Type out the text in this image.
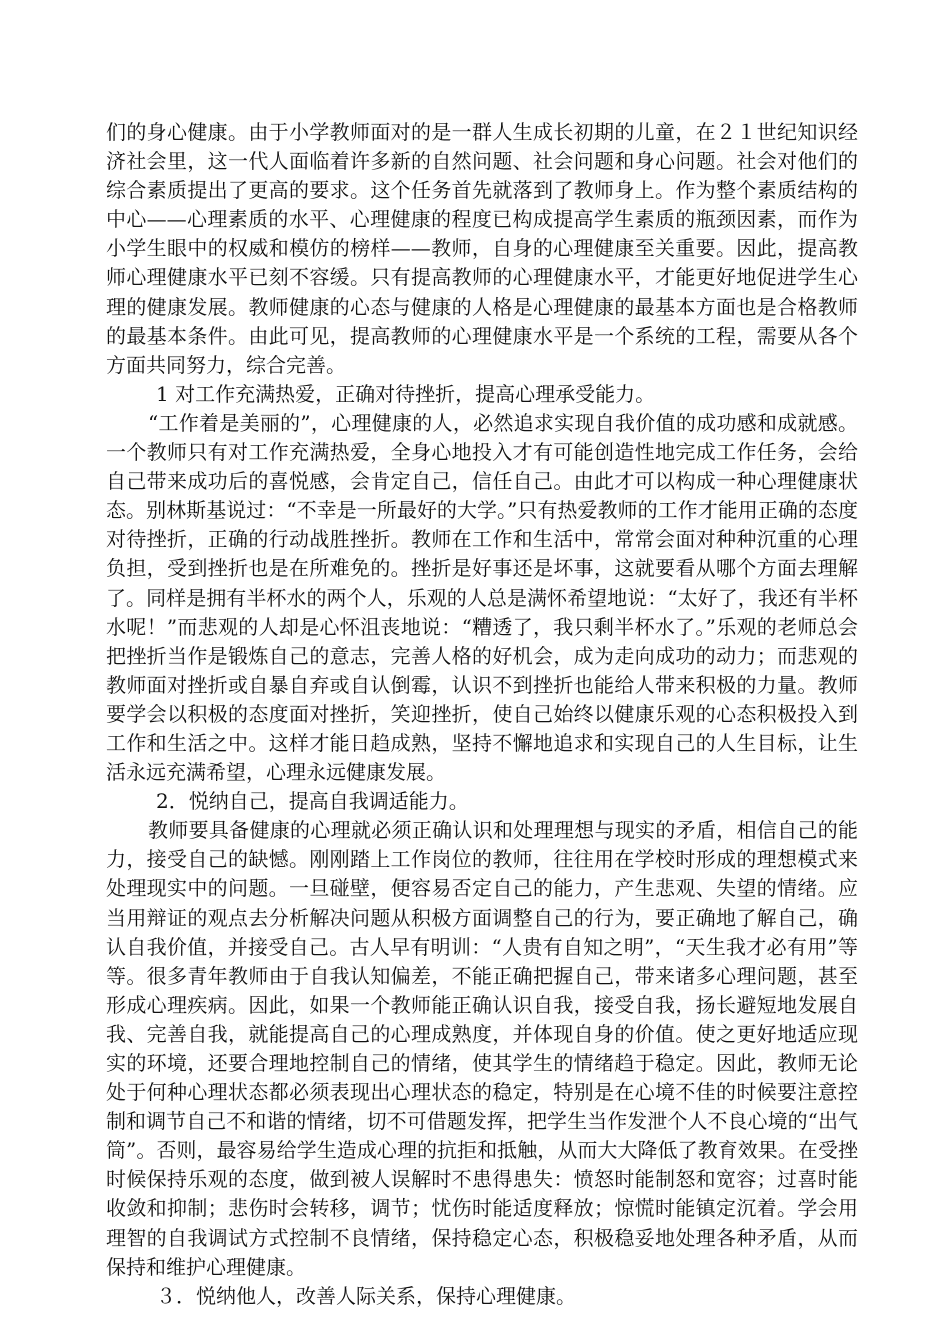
们的身心健康。由于小学教师面对的是一群人生成长初期的儿童，在２１世纪知识经济社会里，这一代人面临着许多新的自然问题、社会问题和身心问题。社会对他们的综合素质提出了更高的要求。这个任务首先就落到了教师身上。作为整个素质结构的中心——心理素质的水平、心理健康的程度已构成提高学生素质的瓶颈因素，而作为小学生眼中的权威和模仿的榜样——教师，自身的心理健康至关重要。因此，提高教师心理健康水平已刻不容缓。只有提高教师的心理健康水平，才能更好地促进学生心理的健康发展。教师健康的心态与健康的人格是心理健康的最基本方面也是合格教师的最基本条件。由此可见，提高教师的心理健康水平是一个系统的工程，需要从各个方面共同努力，综合完善。

1 对工作充满热爱，正确对待挫折，提高心理承受能力。

“工作着是美丽的”，心理健康的人，必然追求实现自我价值的成功感和成就感。一个教师只有对工作充满热爱，全身心地投入才有可能创造性地完成工作任务，会给自己带来成功后的喜悦感，会肯定自己，信任自己。由此才可以构成一种心理健康状态。别林斯基说过：“不幸是一所最好的大学。”只有热爱教师的工作才能用正确的态度对待挫折，正确的行动战胜挫折。教师在工作和生活中，常常会面对种种沉重的心理负担，受到挫折也是在所难免的。挫折是好事还是坏事，这就要看从哪个方面去理解了。同样是拥有半杯水的两个人，乐观的人总是满怀希望地说：“太好了，我还有半杯水呢！”而悲观的人却是心怀沮丧地说：“糟透了，我只剩半杯水了。”乐观的老师总会把挫折当作是锻炼自己的意志，完善人格的好机会，成为走向成功的动力；而悲观的教师面对挫折或自暴自弃或自认倒霉，认识不到挫折也能给人带来积极的力量。教师要学会以积极的态度面对挫折，笑迎挫折，使自己始终以健康乐观的心态积极投入到工作和生活之中。这样才能日趋成熟，坚持不懈地追求和实现自己的人生目标，让生活永远充满希望，心理永远健康发展。

2．悦纳自己，提高自我调适能力。

教师要具备健康的心理就必须正确认识和处理理想与现实的矛盾，相信自己的能力，接受自己的缺憾。刚刚踏上工作岗位的教师，往往用在学校时形成的理想模式来处理现实中的问题。一旦碰壁，便容易否定自己的能力，产生悲观、失望的情绪。应当用辩证的观点去分析解决问题从积极方面调整自己的行为，要正确地了解自己，确认自我价值，并接受自己。古人早有明训：“人贵有自知之明”，“天生我才必有用”等等。很多青年教师由于自我认知偏差，不能正确把握自己，带来诸多心理问题，甚至形成心理疾病。因此，如果一个教师能正确认识自我，接受自我，扬长避短地发展自我、完善自我，就能提高自己的心理成熟度，并体现自身的价值。使之更好地适应现实的环境，还要合理地控制自己的情绪，使其学生的情绪趋于稳定。因此，教师无论处于何种心理状态都必须表现出心理状态的稳定，特别是在心境不佳的时候要注意控制和调节自己不和谐的情绪，切不可借题发挥，把学生当作发泄个人不良心境的“出气筒”。否则，最容易给学生造成心理的抗拒和抵触，从而大大降低了教育效果。在受挫时候保持乐观的态度，做到被人误解时不患得患失：愤怒时能制怒和宽容；过喜时能收敛和抑制；悲伤时会转移，调节；忧伤时能适度释放；惊慌时能镇定沉着。学会用理智的自我调试方式控制不良情绪，保持稳定心态，积极稳妥地处理各种矛盾，从而保持和维护心理健康。

３．悦纳他人，改善人际关系，保持心理健康。
